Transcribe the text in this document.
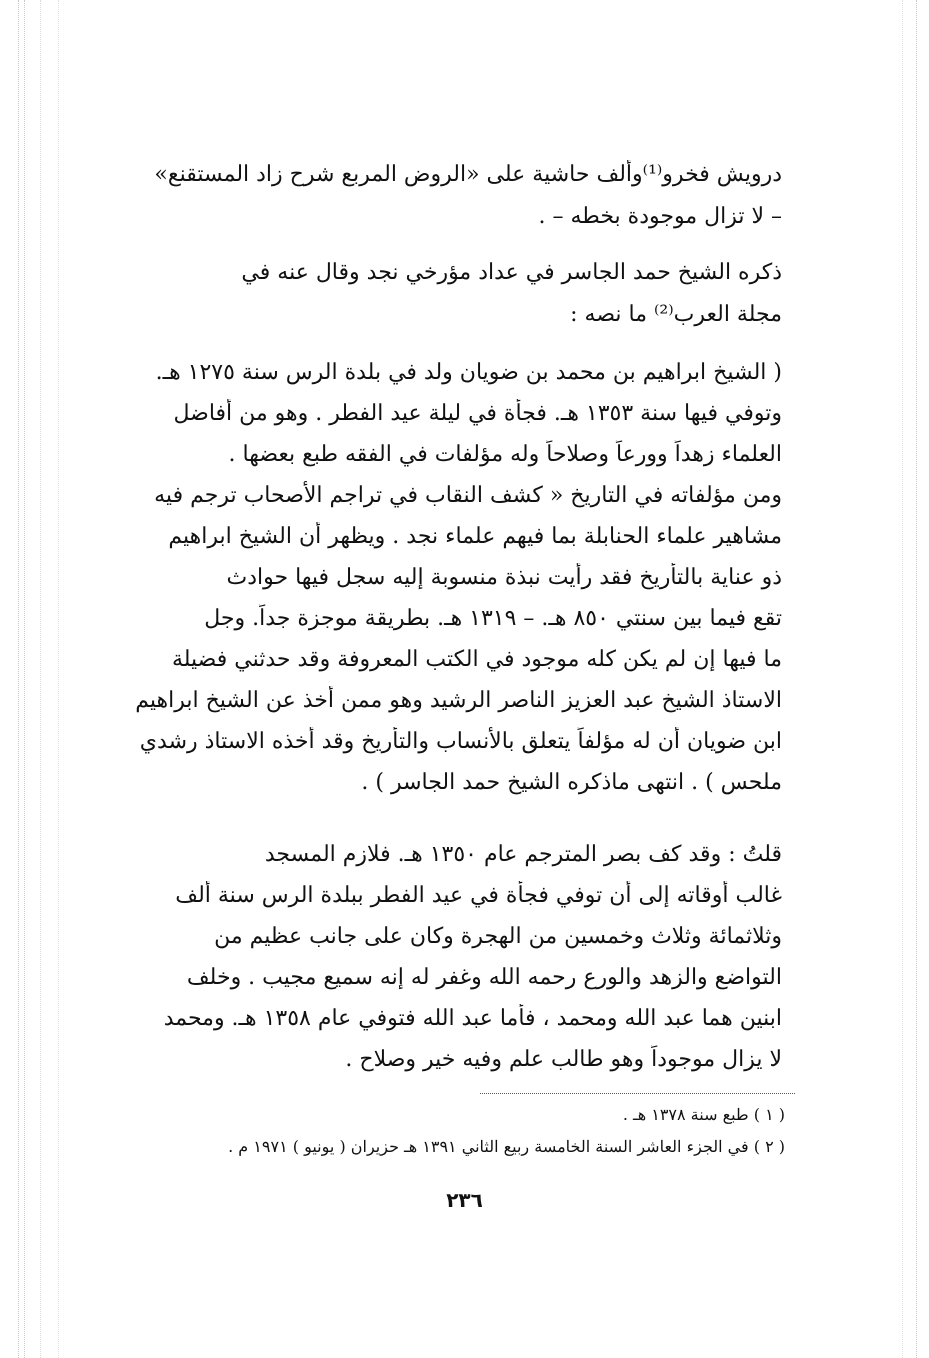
درويش فخرو⁽¹⁾وألف حاشية على «الروض المربع شرح زاد المستقنع»
– لا تزال موجودة بخطه – .
ذكره الشيخ حمد الجاسر في عداد مؤرخي نجد وقال عنه في
مجلة العرب⁽²⁾ ما نصه :
( الشيخ ابراهيم بن محمد بن ضويان ولد في بلدة الرس سنة ١٢٧٥ هـ.
وتوفي فيها سنة ١٣٥٣ هـ. فجأة في ليلة عيد الفطر . وهو من أفاضل
العلماء زهداً وورعاً وصلاحاً وله مؤلفات في الفقه طبع بعضها .
ومن مؤلفاته في التاريخ « كشف النقاب في تراجم الأصحاب ترجم فيه
مشاهير علماء الحنابلة بما فيهم علماء نجد . ويظهر أن الشيخ ابراهيم
ذو عناية بالتأريخ فقد رأيت نبذة منسوبة إليه سجل فيها حوادث
تقع فيما بين سنتي ٨٥٠ هـ. – ١٣١٩ هـ. بطريقة موجزة جداً. وجل
ما فيها إن لم يكن كله موجود في الكتب المعروفة وقد حدثني فضيلة
الاستاذ الشيخ عبد العزيز الناصر الرشيد وهو ممن أخذ عن الشيخ ابراهيم
ابن ضويان أن له مؤلفاً يتعلق بالأنساب والتأريخ وقد أخذه الاستاذ رشدي
ملحس ) . انتهى ماذكره الشيخ حمد الجاسر ) .
قلتُ : وقد كف بصر المترجم عام ١٣٥٠ هـ. فلازم المسجد
غالب أوقاته إلى أن توفي فجأة في عيد الفطر ببلدة الرس سنة ألف
وثلاثمائة وثلاث وخمسين من الهجرة وكان على جانب عظيم من
التواضع والزهد والورع رحمه الله وغفر له إنه سميع مجيب . وخلف
ابنين هما عبد الله ومحمد ، فأما عبد الله فتوفي عام ١٣٥٨ هـ. ومحمد
لا يزال موجوداً وهو طالب علم وفيه خير وصلاح .
( ١ ) طبع سنة ١٣٧٨ هـ .
( ٢ ) في الجزء العاشر السنة الخامسة ربيع الثاني ١٣٩١ هـ حزيران ( يونيو ) ١٩٧١ م .
٢٣٦
